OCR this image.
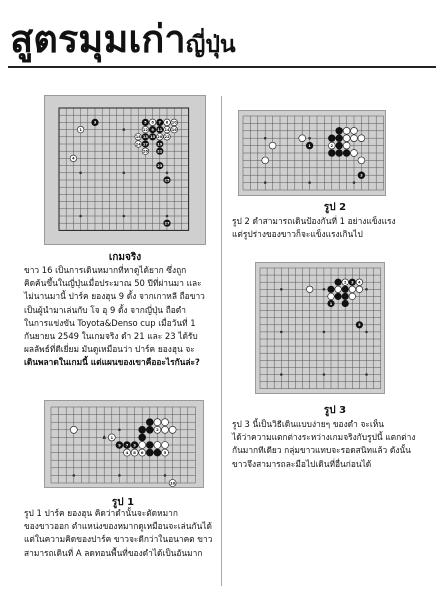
สูตรมุมเก่าญี่ปุ่น
3
1
4
5 6 7 8 10
12 9 11 14 16
18 13 15 20 22
24 17	19
26	21
23
25
27
เกมจริง

ขาว 16 เป็นการเดินหมากที่หาดูได้ยาก ซึ่งถูก

คิดค้นขึ้นในญี่ปุ่นเมื่อประมาณ 50 ปีที่ผ่านมา และ

ไม่นานมานี้ ปาร์ค ยองฮุน 9 ดั้ง จากเกาหลี ถือขาว

เป็นผู้นำมาเล่นกับ โจ อุ 9 ดั้ง จากญี่ปุ่น ถือดำ

ในการแข่งขัน Toyota&Denso cup เมื่อวันที่ 1

กันยายน 2549 ในเกมจริง ดำ 21 และ 23 ได้รับ

ผลลัพธ์ที่ดีเยี่ยม มันดูเหมือนว่า ปาร์ค ยองฮุน จะ

เดินพลาดในเกมนี้ แต่แผนของเขาคืออะไรกันล่ะ?

2
1
9 7 3
8 6
4	5
10
A
รูป 1

รูป 1 ปาร์ค ยองฮุน คิดว่าดำนั้นจะตัดหมาก

ของขาวออก ตำแหน่งของหมากดูเหมือนจะเล่นกันได้

แต่ในความคิดของปาร์ค ขาวจะดีกว่าในอนาคต ขาว

สามารถเดินที่ A ลดทอนพื้นที่ของดำได้เป็นอันมาก

1	2
3
รูป 2

รูป 2 ดำสามารถเดินป้องกันที่ 1 อย่างแข็งแรง

แต่รูปร่างของขาวก็จะแข็งแรงเกินไป

2 3 4
1
5
รูป 3

รูป 3 นี้เป็นวิธีเดินแบบง่ายๆ ของดำ จะเห็น

ได้ว่าความแตกต่างระหว่างเกมจริงกับรูปนี้ แตกต่าง

กันมากทีเดียว กลุ่มขาวแทบจะรอดสนิทแล้ว ดังนั้น

ขาวจึงสามารถละมือไปเดินที่อื่นก่อนได้
